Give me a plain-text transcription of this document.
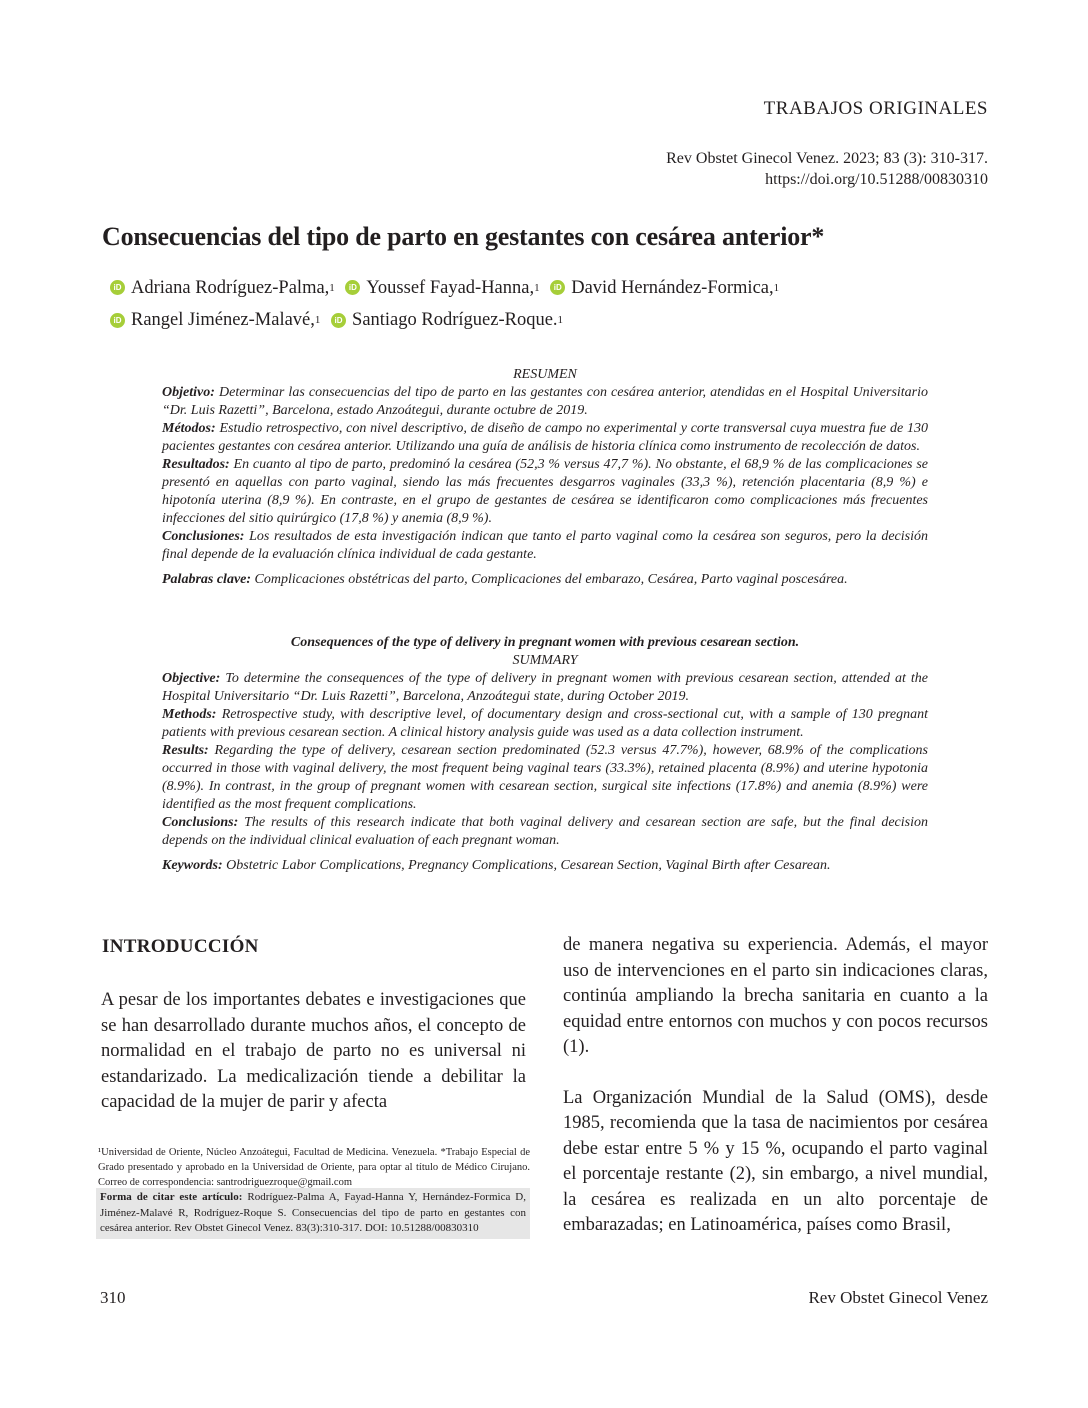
TRABAJOS ORIGINALES
Rev Obstet Ginecol Venez. 2023; 83 (3): 310-317.
https://doi.org/10.51288/00830310
Consecuencias del tipo de parto en gestantes con cesárea anterior*
iD Adriana Rodríguez-Palma, 1
	iD Youssef Fayad-Hanna, 1
	iD David Hernández-Formica, 1
iD Rangel Jiménez-Malavé, 1
	iD Santiago Rodríguez-Roque. 1

RESUMEN

Objetivo: Determinar las consecuencias del tipo de parto en las gestantes con cesárea anterior, atendidas en el Hospital Universitario “Dr. Luis Razetti”, Barcelona, estado Anzoátegui, durante octubre de 2019.

Métodos: Estudio retrospectivo, con nivel descriptivo, de diseño de campo no experimental y corte transversal cuya muestra fue de 130 pacientes gestantes con cesárea anterior. Utilizando una guía de análisis de historia clínica como instrumento de recolección de datos.

Resultados: En cuanto al tipo de parto, predominó la cesárea (52,3 % versus 47,7 %). No obstante, el 68,9 % de las complicaciones se presentó en aquellas con parto vaginal, siendo las más frecuentes desgarros vaginales (33,3 %), retención placentaria (8,9 %) e hipotonía uterina (8,9 %). En contraste, en el grupo de gestantes de cesárea se identificaron como complicaciones más frecuentes infecciones del sitio quirúrgico (17,8 %) y anemia (8,9 %).

Conclusiones: Los resultados de esta investigación indican que tanto el parto vaginal como la cesárea son seguros, pero la decisión final depende de la evaluación clínica individual de cada gestante.

Palabras clave: Complicaciones obstétricas del parto, Complicaciones del embarazo, Cesárea, Parto vaginal poscesárea.

Consequences of the type of delivery in pregnant women with previous cesarean section.

SUMMARY

Objective: To determine the consequences of the type of delivery in pregnant women with previous cesarean section, attended at the Hospital Universitario “Dr. Luis Razetti”, Barcelona, Anzoátegui state, during October 2019.

Methods: Retrospective study, with descriptive level, of documentary design and cross-sectional cut, with a sample of 130 pregnant patients with previous cesarean section. A clinical history analysis guide was used as a data collection instrument.

Results: Regarding the type of delivery, cesarean section predominated (52.3 versus 47.7%), however, 68.9% of the complications occurred in those with vaginal delivery, the most frequent being vaginal tears (33.3%), retained placenta (8.9%) and uterine hypotonia (8.9%). In contrast, in the group of pregnant women with cesarean section, surgical site infections (17.8%) and anemia (8.9%) were identified as the most frequent complications.

Conclusions: The results of this research indicate that both vaginal delivery and cesarean section are safe, but the final decision depends on the individual clinical evaluation of each pregnant woman.

Keywords: Obstetric Labor Complications, Pregnancy Complications, Cesarean Section, Vaginal Birth after Cesarean.

INTRODUCCIÓN

A pesar de los importantes debates e investigaciones que se han desarrollado durante muchos años, el concepto de normalidad en el trabajo de parto no es universal ni estandarizado. La medicalización tiende a debilitar la capacidad de la mujer de parir y afecta

de manera negativa su experiencia. Además, el mayor uso de intervenciones en el parto sin indicaciones claras, continúa ampliando la brecha sanitaria en cuanto a la equidad entre entornos con muchos y con pocos recursos (1).

La Organización Mundial de la Salud (OMS), desde 1985, recomienda que la tasa de nacimientos por cesárea debe estar entre 5 % y 15 %, ocupando el parto vaginal el porcentaje restante (2), sin embargo, a nivel mundial, la cesárea es realizada en un alto porcentaje de embarazadas; en Latinoamérica, países como Brasil,

¹Universidad de Oriente, Núcleo Anzoátegui, Facultad de Medicina. Venezuela. *Trabajo Especial de Grado presentado y aprobado en la Universidad de Oriente, para optar al título de Médico Cirujano. Correo de correspondencia: santrodriguezroque@gmail.com
Forma de citar este artículo: Rodríguez-Palma A, Fayad-Hanna Y, Hernández-Formica D, Jiménez-Malavé R, Rodríguez-Roque S. Consecuencias del tipo de parto en gestantes con cesárea anterior. Rev Obstet Ginecol Venez. 83(3):310-317. DOI: 10.51288/00830310
310	Rev Obstet Ginecol Venez
